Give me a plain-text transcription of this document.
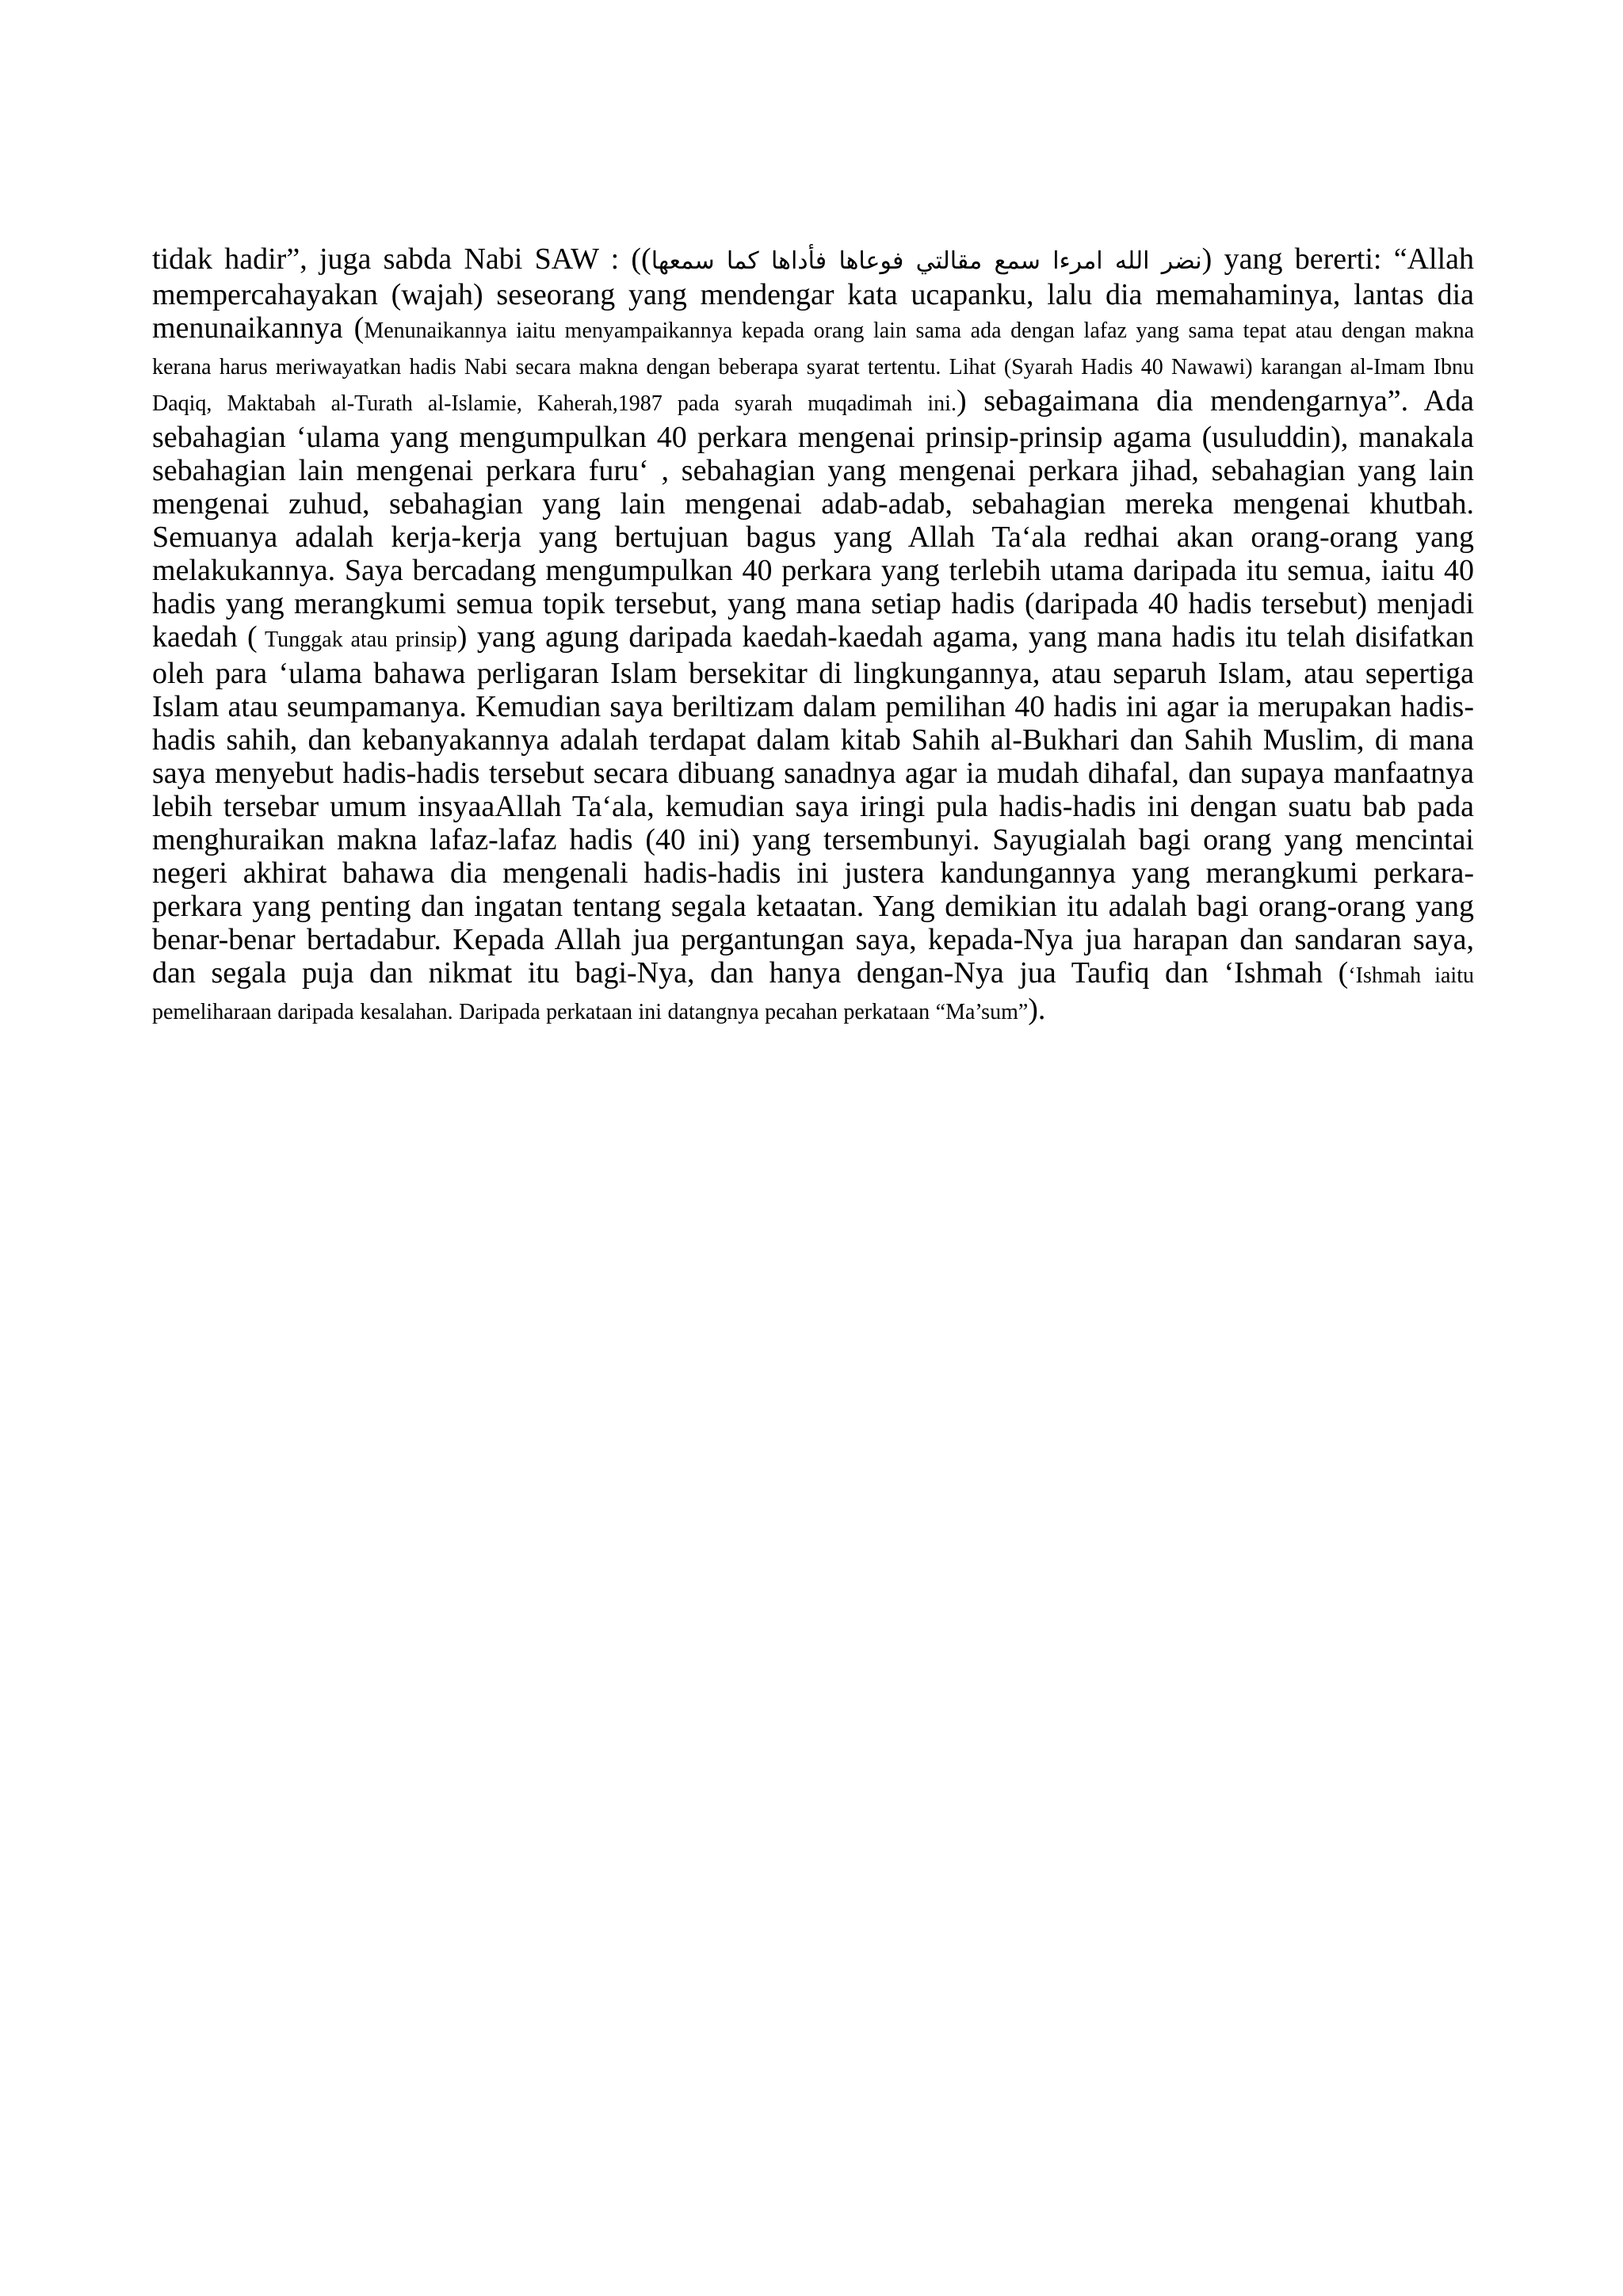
tidak hadir”, juga sabda Nabi SAW : ((نضر الله امرءا سمع مقالتي فوعاها فأداها كما سمعها) yang bererti: “Allah mempercahayakan (wajah) seseorang yang mendengar kata ucapanku, lalu dia memahaminya, lantas dia menunaikannya (Menunaikannya iaitu menyampaikannya kepada orang lain sama ada dengan lafaz yang sama tepat atau dengan makna kerana harus meriwayatkan hadis Nabi secara makna dengan beberapa syarat tertentu. Lihat (Syarah Hadis 40 Nawawi) karangan al-Imam Ibnu Daqiq, Maktabah al-Turath al-Islamie, Kaherah,1987 pada syarah muqadimah ini.) sebagaimana dia mendengarnya”. Ada sebahagian ‘ulama yang mengumpulkan 40 perkara mengenai prinsip-prinsip agama (usuluddin), manakala sebahagian lain mengenai perkara furu‘ , sebahagian yang mengenai perkara jihad, sebahagian yang lain mengenai zuhud, sebahagian yang lain mengenai adab-adab, sebahagian mereka mengenai khutbah. Semuanya adalah kerja-kerja yang bertujuan bagus yang Allah Ta‘ala redhai akan orang-orang yang melakukannya. Saya bercadang mengumpulkan 40 perkara yang terlebih utama daripada itu semua, iaitu 40 hadis yang merangkumi semua topik tersebut, yang mana setiap hadis (daripada 40 hadis tersebut) menjadi kaedah ( Tunggak atau prinsip) yang agung daripada kaedah-kaedah agama, yang mana hadis itu telah disifatkan oleh para ‘ulama bahawa perligaran Islam bersekitar di lingkungannya, atau separuh Islam, atau sepertiga Islam atau seumpamanya. Kemudian saya beriltizam dalam pemilihan 40 hadis ini agar ia merupakan hadis-hadis sahih, dan kebanyakannya adalah terdapat dalam kitab Sahih al-Bukhari dan Sahih Muslim, di mana saya menyebut hadis-hadis tersebut secara dibuang sanadnya agar ia mudah dihafal, dan supaya manfaatnya lebih tersebar umum insyaaAllah Ta‘ala, kemudian saya iringi pula hadis-hadis ini dengan suatu bab pada menghuraikan makna lafaz-lafaz hadis (40 ini) yang tersembunyi. Sayugialah bagi orang yang mencintai negeri akhirat bahawa dia mengenali hadis-hadis ini justera kandungannya yang merangkumi perkara-perkara yang penting dan ingatan tentang segala ketaatan. Yang demikian itu adalah bagi orang-orang yang benar-benar bertadabur. Kepada Allah jua pergantungan saya, kepada-Nya jua harapan dan sandaran saya, dan segala puja dan nikmat itu bagi-Nya, dan hanya dengan-Nya jua Taufiq dan ‘Ishmah (‘Ishmah iaitu pemeliharaan daripada kesalahan. Daripada perkataan ini datangnya pecahan perkataan “Ma’sum”).
